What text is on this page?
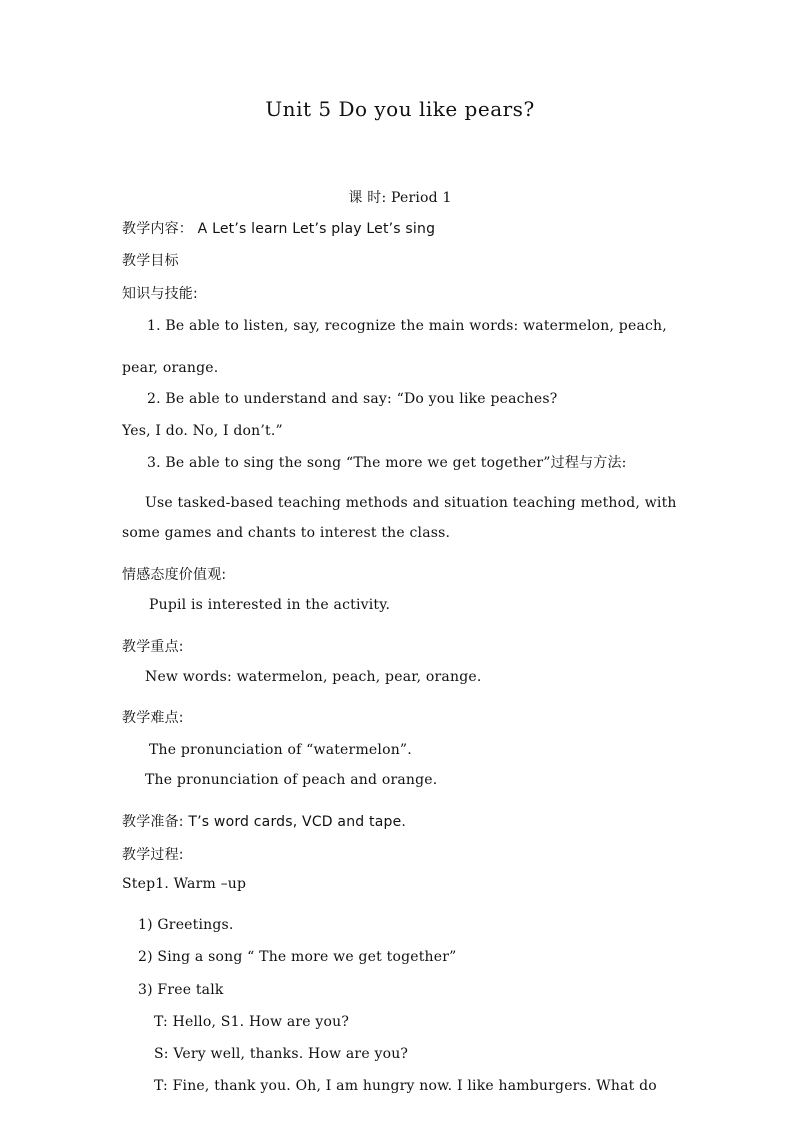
Unit 5 Do you like pears?
课 时: Period 1
教学内容： A Let’s learn Let’s play Let’s sing
教学目标
知识与技能:
1. Be able to listen, say, recognize the main words: watermelon, peach,
pear, orange.
2. Be able to understand and say: “Do you like peaches?
Yes, I do. No, I don’t.”
3. Be able to sing the song “The more we get together”过程与方法:
Use tasked-based teaching methods and situation teaching method, with
some games and chants to interest the class.
情感态度价值观:
Pupil is interested in the activity.
教学重点:
New words: watermelon, peach, pear, orange.
教学难点:
The pronunciation of “watermelon”.
The pronunciation of peach and orange.
教学准备: T’s word cards, VCD and tape.
教学过程:
Step1. Warm –up
1) Greetings.
2) Sing a song “ The more we get together”
3) Free talk
T: Hello, S1. How are you?
S: Very well, thanks. How are you?
T: Fine, thank you. Oh, I am hungry now. I like hamburgers. What do
